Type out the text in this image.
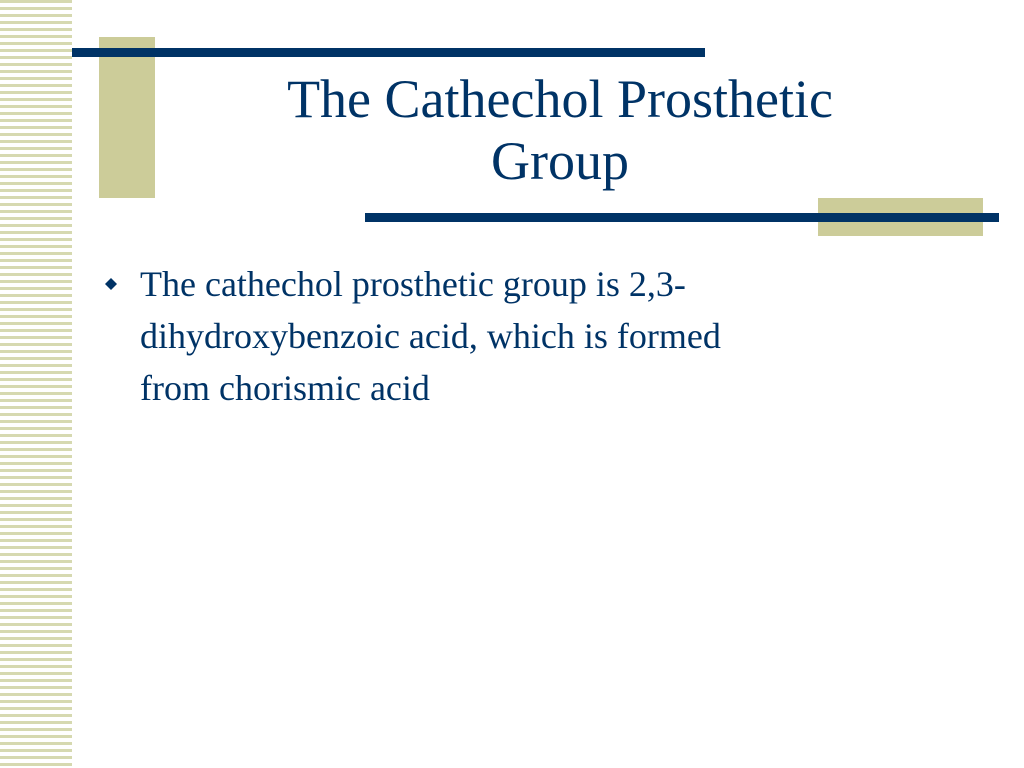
The Cathechol Prosthetic
Group
The cathechol prosthetic group is 2,3-
dihydroxybenzoic acid, which is formed
from chorismic acid
